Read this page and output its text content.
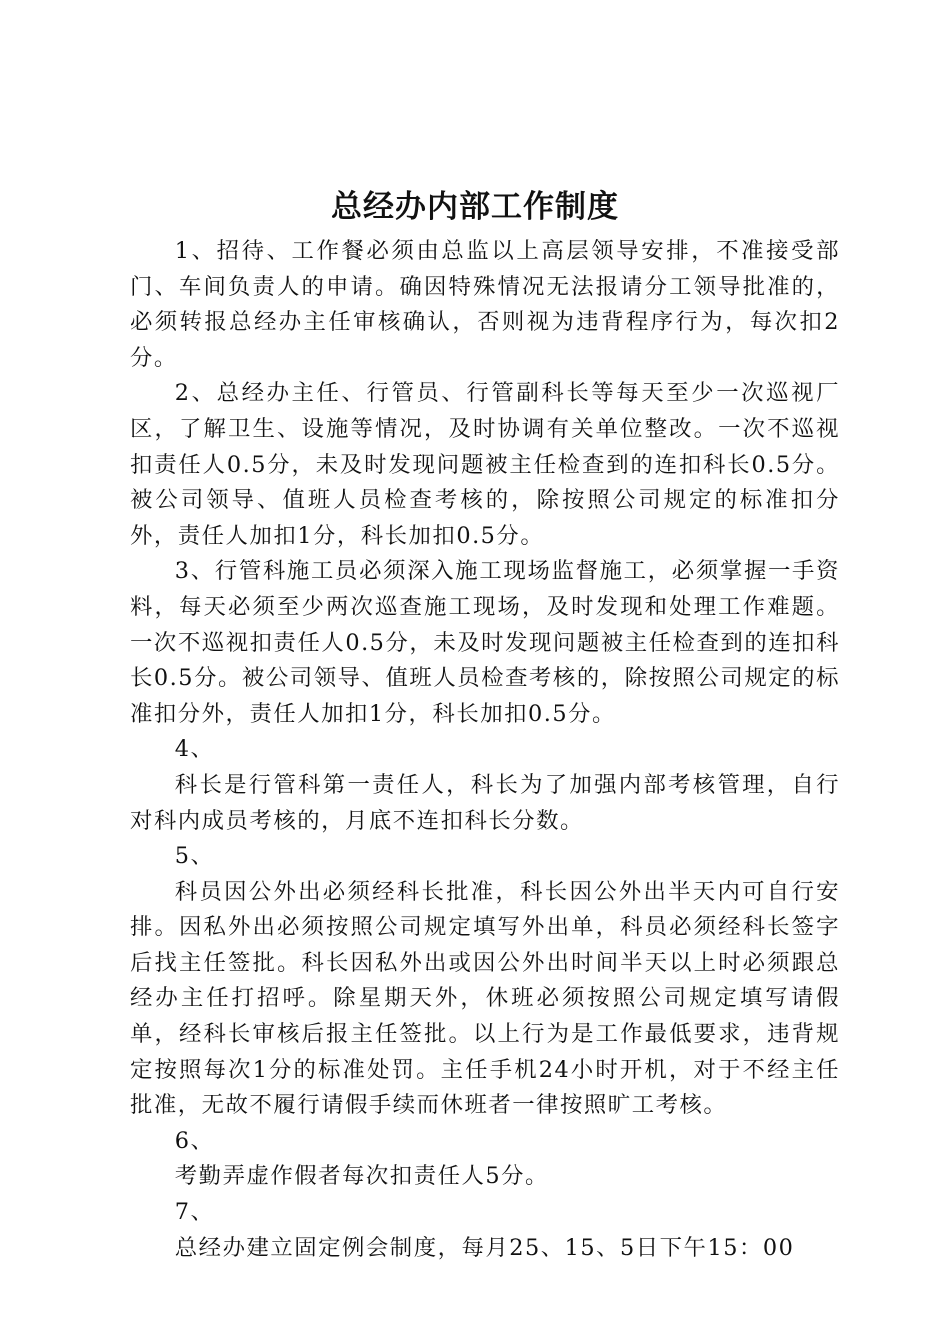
总经办内部工作制度

1、招待、工作餐必须由总监以上高层领导安排，不准接受部门、车间负责人的申请。确因特殊情况无法报请分工领导批准的，必须转报总经办主任审核确认，否则视为违背程序行为，每次扣2分。

2、总经办主任、行管员、行管副科长等每天至少一次巡视厂区，了解卫生、设施等情况，及时协调有关单位整改。一次不巡视扣责任人0.5分，未及时发现问题被主任检查到的连扣科长0.5分。被公司领导、值班人员检查考核的，除按照公司规定的标准扣分外，责任人加扣1分，科长加扣0.5分。

3、行管科施工员必须深入施工现场监督施工，必须掌握一手资料，每天必须至少两次巡查施工现场，及时发现和处理工作难题。一次不巡视扣责任人0.5分，未及时发现问题被主任检查到的连扣科长0.5分。被公司领导、值班人员检查考核的，除按照公司规定的标准扣分外，责任人加扣1分，科长加扣0.5分。

4、

科长是行管科第一责任人，科长为了加强内部考核管理，自行对科内成员考核的，月底不连扣科长分数。

5、

科员因公外出必须经科长批准，科长因公外出半天内可自行安排。因私外出必须按照公司规定填写外出单，科员必须经科长签字后找主任签批。科长因私外出或因公外出时间半天以上时必须跟总经办主任打招呼。除星期天外，休班必须按照公司规定填写请假单，经科长审核后报主任签批。以上行为是工作最低要求，违背规定按照每次1分的标准处罚。主任手机24小时开机，对于不经主任批准，无故不履行请假手续而休班者一律按照旷工考核。

6、

考勤弄虚作假者每次扣责任人5分。

7、

总经办建立固定例会制度，每月25、15、5日下午15：00
